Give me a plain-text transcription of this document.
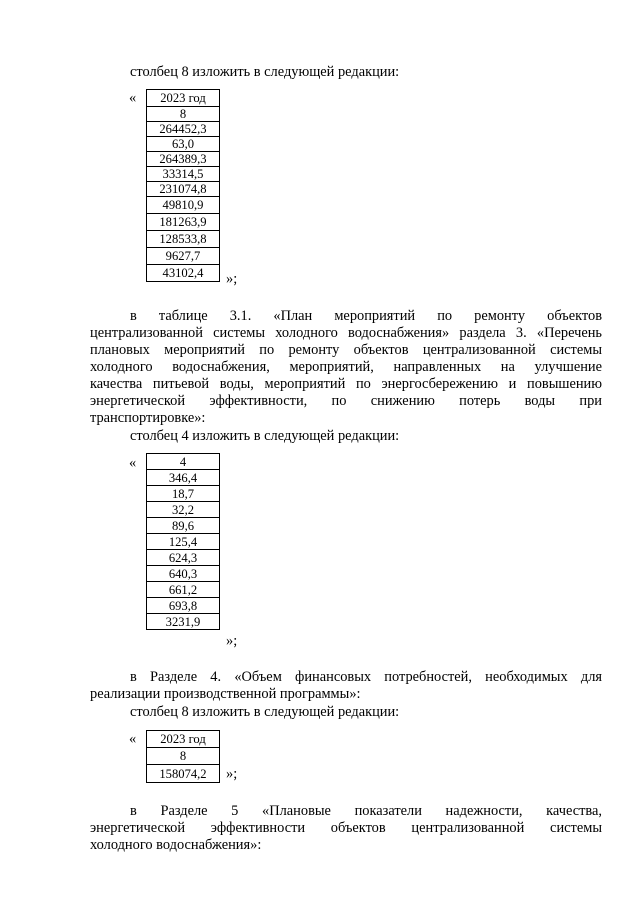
столбец 8 изложить в следующей редакции:
« 2023 год
8
264452,3
63,0
264389,3
33314,5
231074,8
49810,9
181263,9
128533,8
9627,7
43102,4 »;
в таблице 3.1. «План мероприятий по ремонту объектов
централизованной системы холодного водоснабжения» раздела 3. «Перечень
плановых мероприятий по ремонту объектов централизованной системы
холодного водоснабжения, мероприятий, направленных на улучшение
качества питьевой воды, мероприятий по энергосбережению и повышению
энергетической эффективности, по снижению потерь воды при
транспортировке»:
столбец 4 изложить в следующей редакции:
«	4
346,4
18,7
32,2
89,6
125,4
624,3
640,3
661,2
693,8
3231,9
»;
в Разделе 4. «Объем финансовых потребностей, необходимых для
реализации производственной программы»:
столбец 8 изложить в следующей редакции:
« 2023 год
8
158074,2 »;
в Разделе 5 «Плановые показатели надежности, качества,
энергетической эффективности объектов централизованной системы
холодного водоснабжения»:
